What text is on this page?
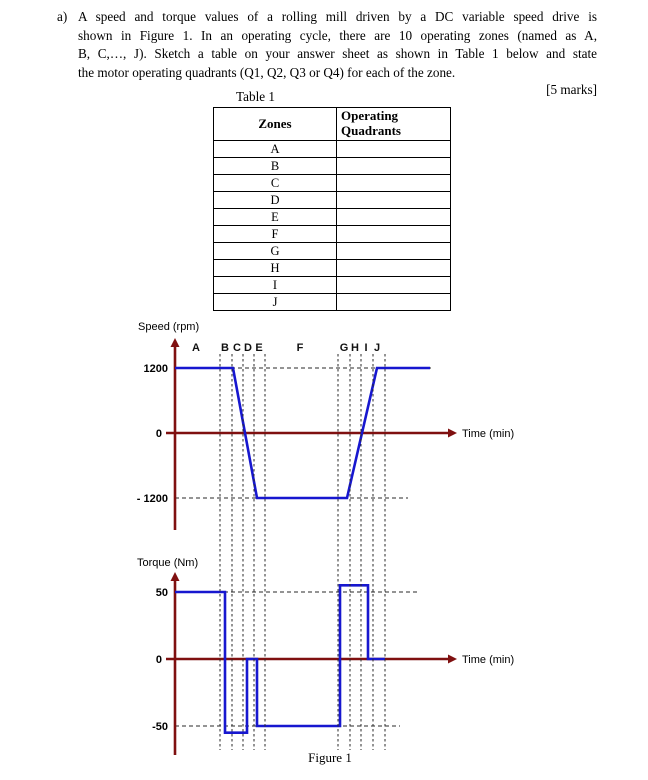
a) A speed and torque values of a rolling mill driven by a DC variable speed drive is
shown in Figure 1. In an operating cycle, there are 10 operating zones (named as A,
B, C,…, J). Sketch a table on your answer sheet as shown in Table 1 below and state
the motor operating quadrants (Q1, Q2, Q3 or Q4) for each of the zone.
[5 marks]
Table 1
Zones	Operating Quadrants
A	
B	
C	
D	
E	
F	
G	
H	
I	
J	
1200
0
- 1200
Speed (rpm)
Time (min)
50
0
-50
Torque (Nm)
Time (min)
A B C D E	F	G H I J
Figure 1
